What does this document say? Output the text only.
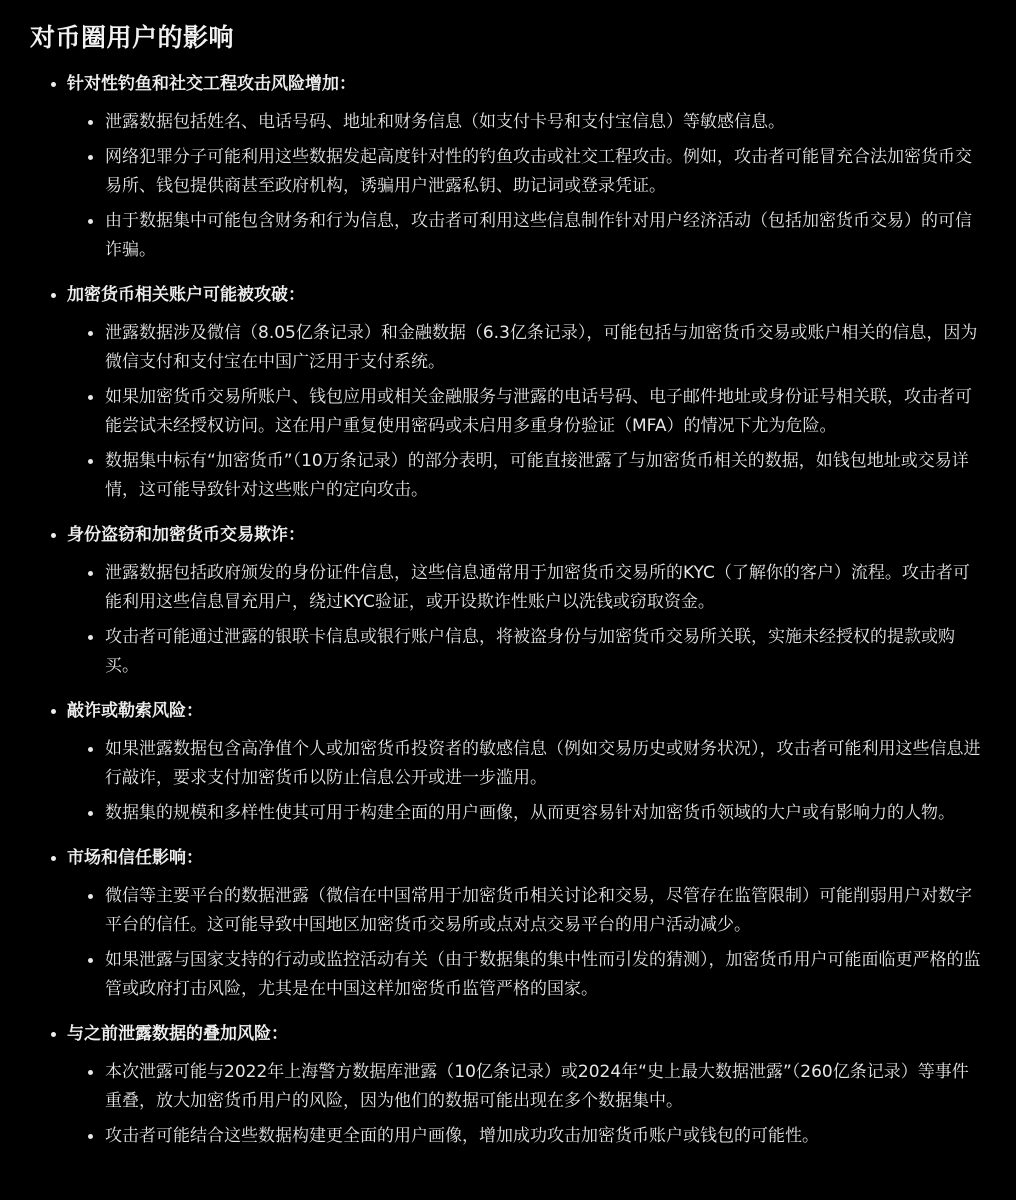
对币圈用户的影响
针对性钓鱼和社交工程攻击风险增加：
泄露数据包括姓名、电话号码、地址和财务信息（如支付卡号和支付宝信息）等敏感信息。
网络犯罪分子可能利用这些数据发起高度针对性的钓鱼攻击或社交工程攻击。例如，攻击者可能冒充合法加密货币交易所、钱包提供商甚至政府机构，诱骗用户泄露私钥、助记词或登录凭证。
由于数据集中可能包含财务和行为信息，攻击者可利用这些信息制作针对用户经济活动（包括加密货币交易）的可信诈骗。
加密货币相关账户可能被攻破：
泄露数据涉及微信（8.05亿条记录）和金融数据（6.3亿条记录），可能包括与加密货币交易或账户相关的信息，因为微信支付和支付宝在中国广泛用于支付系统。
如果加密货币交易所账户、钱包应用或相关金融服务与泄露的电话号码、电子邮件地址或身份证号相关联，攻击者可能尝试未经授权访问。这在用户重复使用密码或未启用多重身份验证（MFA）的情况下尤为危险。
数据集中标有“加密货币”（10万条记录）的部分表明，可能直接泄露了与加密货币相关的数据，如钱包地址或交易详情，这可能导致针对这些账户的定向攻击。
身份盗窃和加密货币交易欺诈：
泄露数据包括政府颁发的身份证件信息，这些信息通常用于加密货币交易所的KYC（了解你的客户）流程。攻击者可能利用这些信息冒充用户，绕过KYC验证，或开设欺诈性账户以洗钱或窃取资金。
攻击者可能通过泄露的银联卡信息或银行账户信息，将被盗身份与加密货币交易所关联，实施未经授权的提款或购买。
敲诈或勒索风险：
如果泄露数据包含高净值个人或加密货币投资者的敏感信息（例如交易历史或财务状况），攻击者可能利用这些信息进行敲诈，要求支付加密货币以防止信息公开或进一步滥用。
数据集的规模和多样性使其可用于构建全面的用户画像，从而更容易针对加密货币领域的大户或有影响力的人物。
市场和信任影响：
微信等主要平台的数据泄露（微信在中国常用于加密货币相关讨论和交易，尽管存在监管限制）可能削弱用户对数字平台的信任。这可能导致中国地区加密货币交易所或点对点交易平台的用户活动减少。
如果泄露与国家支持的行动或监控活动有关（由于数据集的集中性而引发的猜测），加密货币用户可能面临更严格的监管或政府打击风险，尤其是在中国这样加密货币监管严格的国家。
与之前泄露数据的叠加风险：
本次泄露可能与2022年上海警方数据库泄露（10亿条记录）或2024年“史上最大数据泄露”（260亿条记录）等事件重叠，放大加密货币用户的风险，因为他们的数据可能出现在多个数据集中。
攻击者可能结合这些数据构建更全面的用户画像，增加成功攻击加密货币账户或钱包的可能性。
